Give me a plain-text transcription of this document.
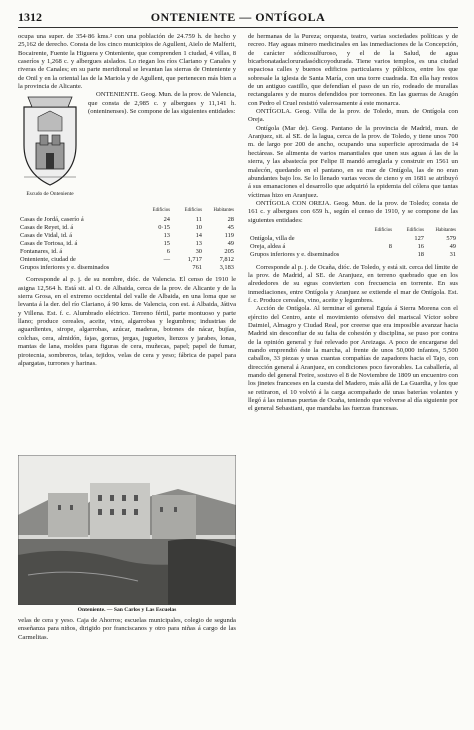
1312	ONTENIENTE — ONTÍGOLA

ocupa una super. de 354·86 kms.² con una población de 24.759 h. de hecho y 25,162 de derecho. Consta de los cinco municipios de Agullent, Aielo de Malferit, Bocairente, Fuente la Higuera y Onteniente, que comprenden 1 ciudad, 4 villas, 8 caseríos y 1,268 c. y albergues aislados. Lo riegan los ríos Clariano y Canales y riveras de Canales; en su parte meridional se levantan las sierras de Onteniente y de Onil y en la oriental las de la Mariola y de Agullent, que pertenecen más bien a la provincia de Alicante.

Escudo de Onteniente

ONTENIENTE. Geog. Mun. de la prov. de Valencia, que consta de 2,985 c. y albergues y 11,141 h. (onteninenses). Se compone de las siguientes entidades:

	Edificios	Edificios	Habitantes
Casas de Jordá, caserío á	24	11	28
Casas de Reyet, id. á	0·15	10	45
Casas de Vidal, id. á	13	14	119
Casas de Tortosa, id. á	15	13	49
Fontanares, id. á	6	30	205
Onteniente, ciudad de	—	1,717	7,812
Grupos inferiores y e. diseminados		761	3,183

Corresponde al p. j. de su nombre, dióc. de Valencia. El censo de 1910 le asigna 12,564 h. Está sit. al O. de Albaida, cerca de la prov. de Alicante y de la sierra Grosa, en el extremo occidental del valle de Albaida, en una loma que se levanta á la der. del río Clariano, á 90 kms. de Valencia, con est. á Albaida, Játiva y Villena. Est. f. c. Alumbrado eléctrico. Terreno fértil, parte montuoso y parte llano; produce cereales, aceite, vino, algarrobas y legumbres; industrias de aguardientes, sirope, algarrobas, azúcar, maderas, botones de nácar, bujías, colchas, cera, almidón, fajas, gorras, jergas, juguetes, lienzos y jarabes, lonas, mantas de lana, moldes para figuras de cera, muñecas, papel; papel de fumar, pirotecnia, sombreros, telas, tejidos, velas de cera y yeso; fábrica de papel para alpargatas, turrones y harinas.

Onteniente. — San Carlos y Las Escuelas
velas de cera y yeso. Caja de Ahorros; escuelas municipales, colegio de segunda enseñanza para niños, dirigido por franciscanos y otro para niñas á cargo de las Carmelitas.

de hermanas de la Pureza; orquesta, teatro, varias sociedades políticas y de recreo. Hay aguas minero medicinales en las inmediaciones de la Concepción, de carácter sódicosulfuroso, y el de la Salud, de agua bicarbonatadacloruradasódicoyodurada. Tiene varios templos, es una ciudad espaciosa calles y buenos edificios particulares y públicos, entre los que sobresale la iglesia de Santa María, con una torre cuadrada. En ella hay restos de un antiguo castillo, que defendían el paso de un río, rodeado de murallas rectangulares y de muros defendidos por torreones. En las guerras de Aragón con Pedro el Cruel resistió valerosamente á este monarca.

ONTÍGOLA. Geog. Villa de la prov. de Toledo, mun. de Ontígola con Oreja.

Ontígola (Mar de). Geog. Pantano de la provincia de Madrid, mun. de Aranjuez, sit. al SE. de la lagua, cerca de la prov. de Toledo, y tiene unos 700 m. de largo por 200 de ancho, ocupando una superficie aproximada de 14 hectáreas. Se alimenta de varios manantiales que unen sus aguas á las de la sierra, y las abastecía por Felipe II mandó arreglarla y construir en 1561 un malecón, quedando en el pantano, en su mar de Ontígola, las de no eran abundantes bajo los. Se lo llenado varias veces de cieno y en 1681 se atribuyó á sus emanaciones el desarrollo que adquirió la epidemia del cólera que tantas víctimas hizo en Aranjuez.

ONTÍGOLA CON OREJA. Geog. Mun. de la prov. de Toledo; consta de 161 c. y albergues con 659 h., según el censo de 1910, y se compone de las siguientes entidades:

	Edificios	Edificios	Habitantes
Ontígola, villa de		127	579
Oreja, aldea á	8	16	49
Grupos inferiores y e. diseminados		18	31

Corresponde al p. j. de Ocaña, dióc. de Toledo, y está sit. cerca del límite de la prov. de Madrid, al SE. de Aranjuez, en terreno quebrado que en los alrededores de su egras convierten con frecuencia en torrente. En sus inmediaciones, entre Ontígola y Aranjuez se extiende el mar de Ontígola. Est. f. c. Produce cereales, vino, aceite y legumbres.

Acción de Ontígola. Al terminar el general Eguía á Sierra Morena con el ejército del Centro, ante el movimiento ofensivo del mariscal Víctor sobre Daimiel, Almagro y Ciudad Real, por creerse que era imposible avanzar hacia Madrid sin desconfiar de su falta de cohesión y disciplina, se puso por contra de la opinión general y fué relevado por Areizaga. A poco de encargarse del mando emprendió éste la marcha, al frente de unos 50,000 infantes, 5,500 caballos, 33 piezas y unas cuantas compañías de zapadores hacia el Tajo, con dirección general á Aranjuez, en condiciones poco favorables. La caballería, al mando del general Freire, sostuvo el 8 de Noviembre de 1809 un encuentro con los jinetes franceses en la cuesta del Madero, más allá de La Guardia, y los que se retiraron, el 10 volvió á la carga acompañado de unas baterías volantes y llegó á las mismas puertas de Ocaña, teniendo que volverse al día siguiente por el general Sebastiani, que mandaba las fuerzas francesas.
